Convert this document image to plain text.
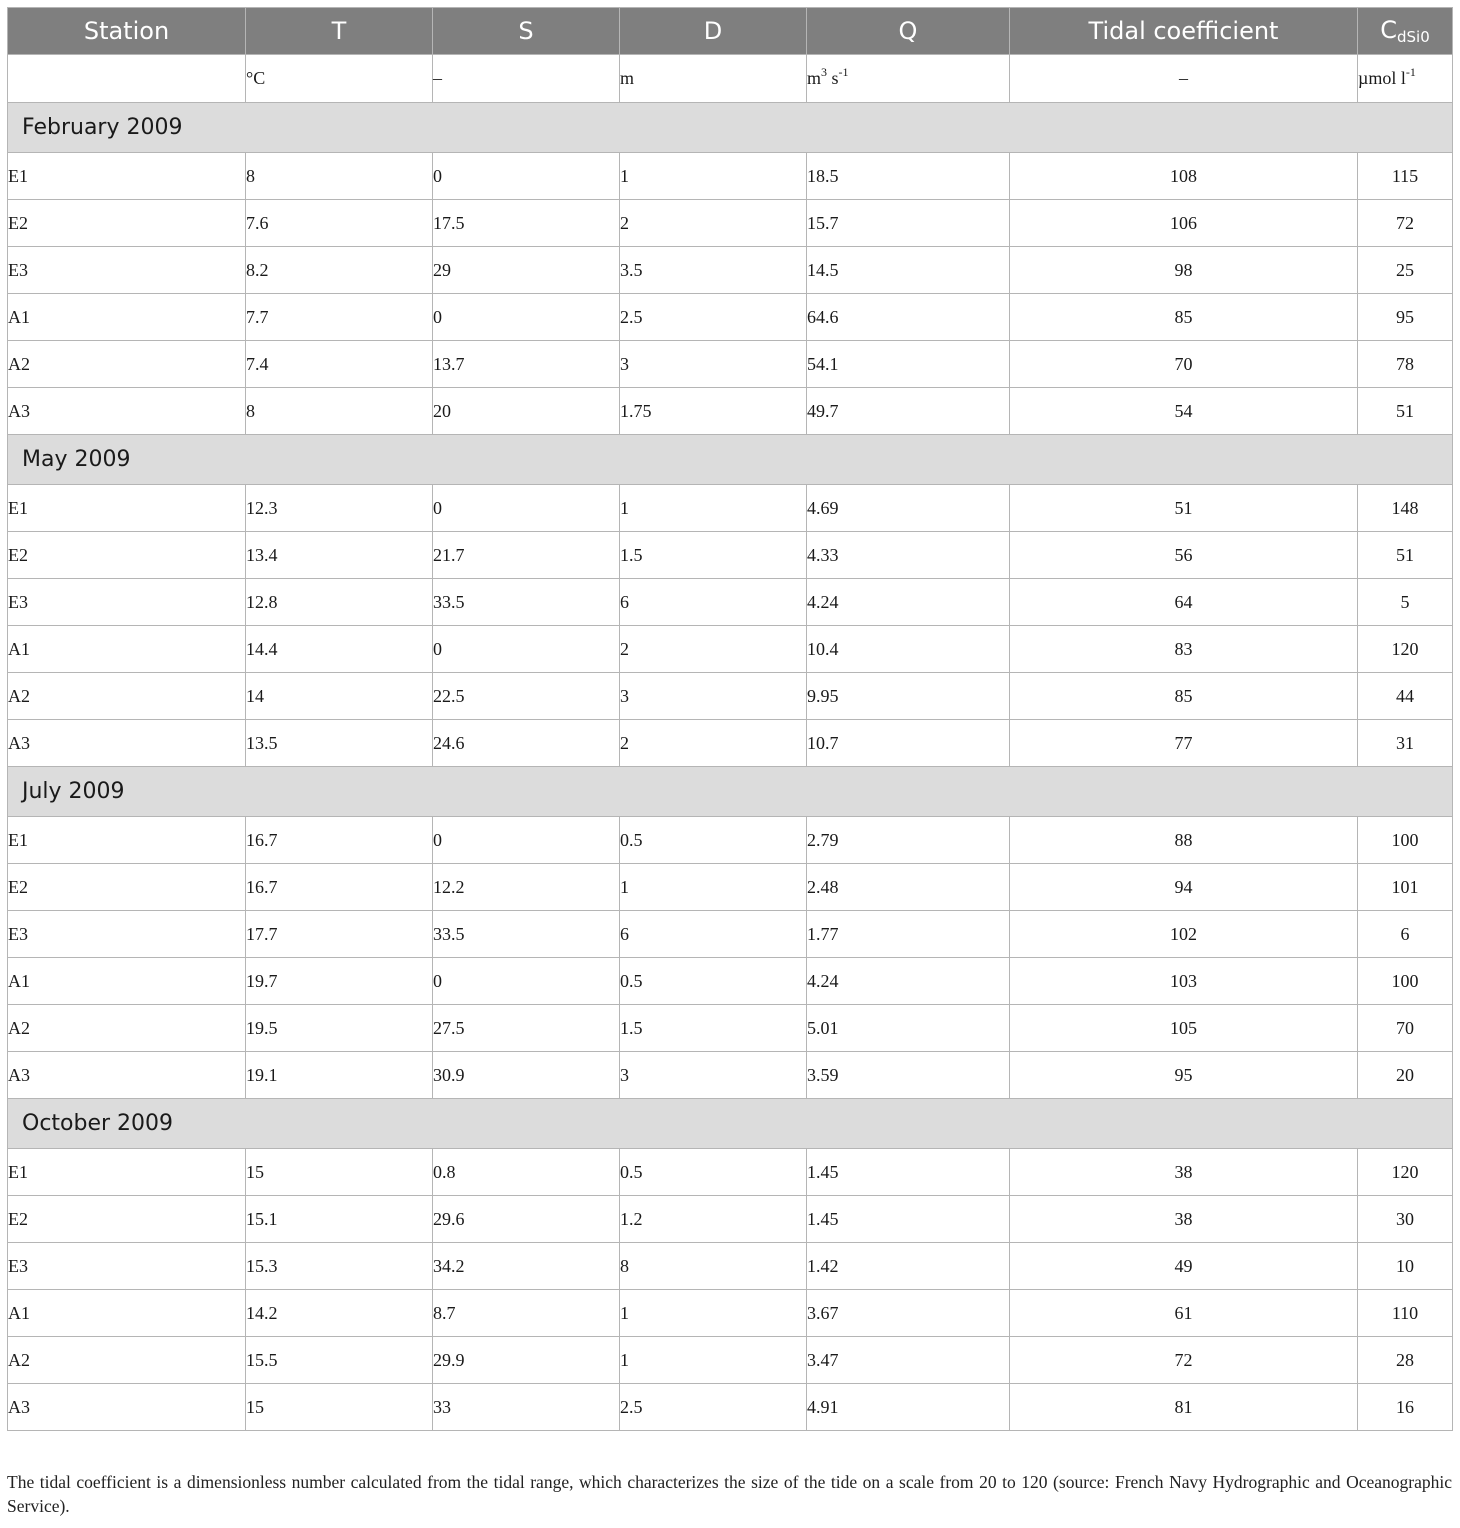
Station	T	S	D	Q	Tidal coefficient	$C_{dSi0}$
	°C	–	m	$m^3$ $s^{-1}$	–	µmol $l^{-1}$
February 2009						
E1	8	0	1	18.5	108	115
E2	7.6	17.5	2	15.7	106	72
E3	8.2	29	3.5	14.5	98	25
A1	7.7	0	2.5	64.6	85	95
A2	7.4	13.7	3	54.1	70	78
A3	8	20	1.75	49.7	54	51
May 2009						
E1	12.3	0	1	4.69	51	148
E2	13.4	21.7	1.5	4.33	56	51
E3	12.8	33.5	6	4.24	64	5
A1	14.4	0	2	10.4	83	120
A2	14	22.5	3	9.95	85	44
A3	13.5	24.6	2	10.7	77	31
July 2009						
E1	16.7	0	0.5	2.79	88	100
E2	16.7	12.2	1	2.48	94	101
E3	17.7	33.5	6	1.77	102	6
A1	19.7	0	0.5	4.24	103	100
A2	19.5	27.5	1.5	5.01	105	70
A3	19.1	30.9	3	3.59	95	20
October 2009						
E1	15	0.8	0.5	1.45	38	120
E2	15.1	29.6	1.2	1.45	38	30
E3	15.3	34.2	8	1.42	49	10
A1	14.2	8.7	1	3.67	61	110
A2	15.5	29.9	1	3.47	72	28
A3	15	33	2.5	4.91	81	16
The tidal coefficient is a dimensionless number calculated from the tidal range, which characterizes the size of the tide on a scale from 20 to 120 (source: French Navy Hydrographic and Oceanographic Service).
